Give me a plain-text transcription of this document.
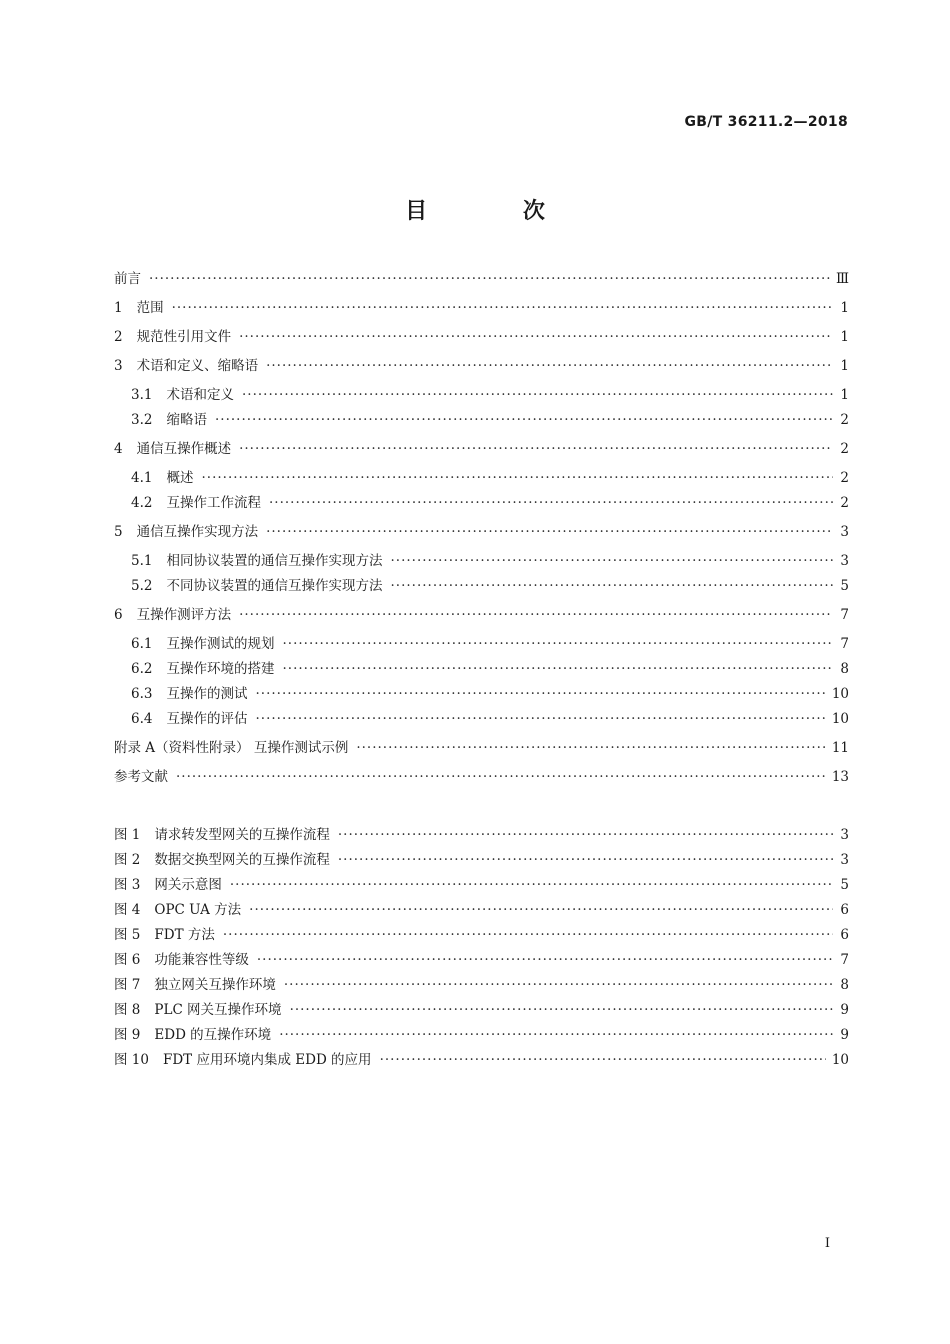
GB/T 36211.2—2018
目 次
前言 ·····	Ⅲ
1 范围 ·····	1
2 规范性引用文件 ·····	1
3 术语和定义、缩略语 ·····	1
3.1 术语和定义 ·····	1
3.2 缩略语 ·····	2
4 通信互操作概述 ·····	2
4.1 概述 ·····	2
4.2 互操作工作流程 ·····	2
5 通信互操作实现方法 ·····	3
5.1 相同协议装置的通信互操作实现方法 ·····	3
5.2 不同协议装置的通信互操作实现方法 ·····	5
6 互操作测评方法 ·····	7
6.1 互操作测试的规划 ·····	7
6.2 互操作环境的搭建 ·····	8
6.3 互操作的测试 ·····	10
6.4 互操作的评估 ·····	10
附录 A（资料性附录） 互操作测试示例 ·····	11
参考文献 ·····	13
图 1 请求转发型网关的互操作流程 ·····	3
图 2 数据交换型网关的互操作流程 ·····	3
图 3 网关示意图 ·····	5
图 4 OPC UA 方法 ·····	6
图 5 FDT 方法 ·····	6
图 6 功能兼容性等级 ·····	7
图 7 独立网关互操作环境 ·····	8
图 8 PLC 网关互操作环境 ·····	9
图 9 EDD 的互操作环境 ·····	9
图 10 FDT 应用环境内集成 EDD 的应用 ·····	10
I
